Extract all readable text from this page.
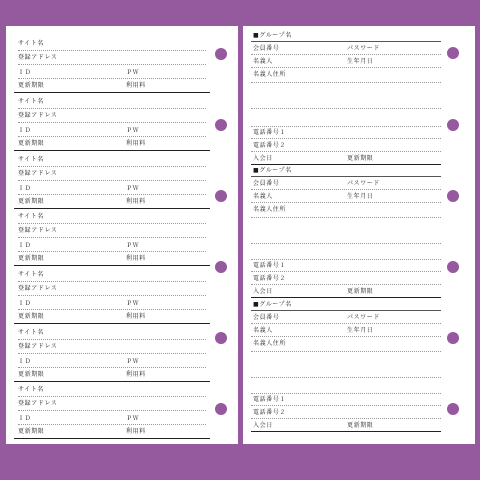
サイト名
登録アドレス
ＩＤ	ＰＷ
更新期限	利用料
サイト名
登録アドレス
ＩＤ	ＰＷ
更新期限	利用料
サイト名
登録アドレス
ＩＤ	ＰＷ
更新期限	利用料
サイト名
登録アドレス
ＩＤ	ＰＷ
更新期限	利用料
サイト名
登録アドレス
ＩＤ	ＰＷ
更新期限	利用料
サイト名
登録アドレス
ＩＤ	ＰＷ
更新期限	利用料
サイト名
登録アドレス
ＩＤ	ＰＷ
更新期限	利用料
■グループ名
会員番号	パスワード
名義人	生年月日
名義人住所
電話番号１
電話番号２
入会日	更新期限
■グループ名
会員番号	パスワード
名義人	生年月日
名義人住所
電話番号１
電話番号２
入会日	更新期限
■グループ名
会員番号	パスワード
名義人	生年月日
名義人住所
電話番号１
電話番号２
入会日	更新期限
